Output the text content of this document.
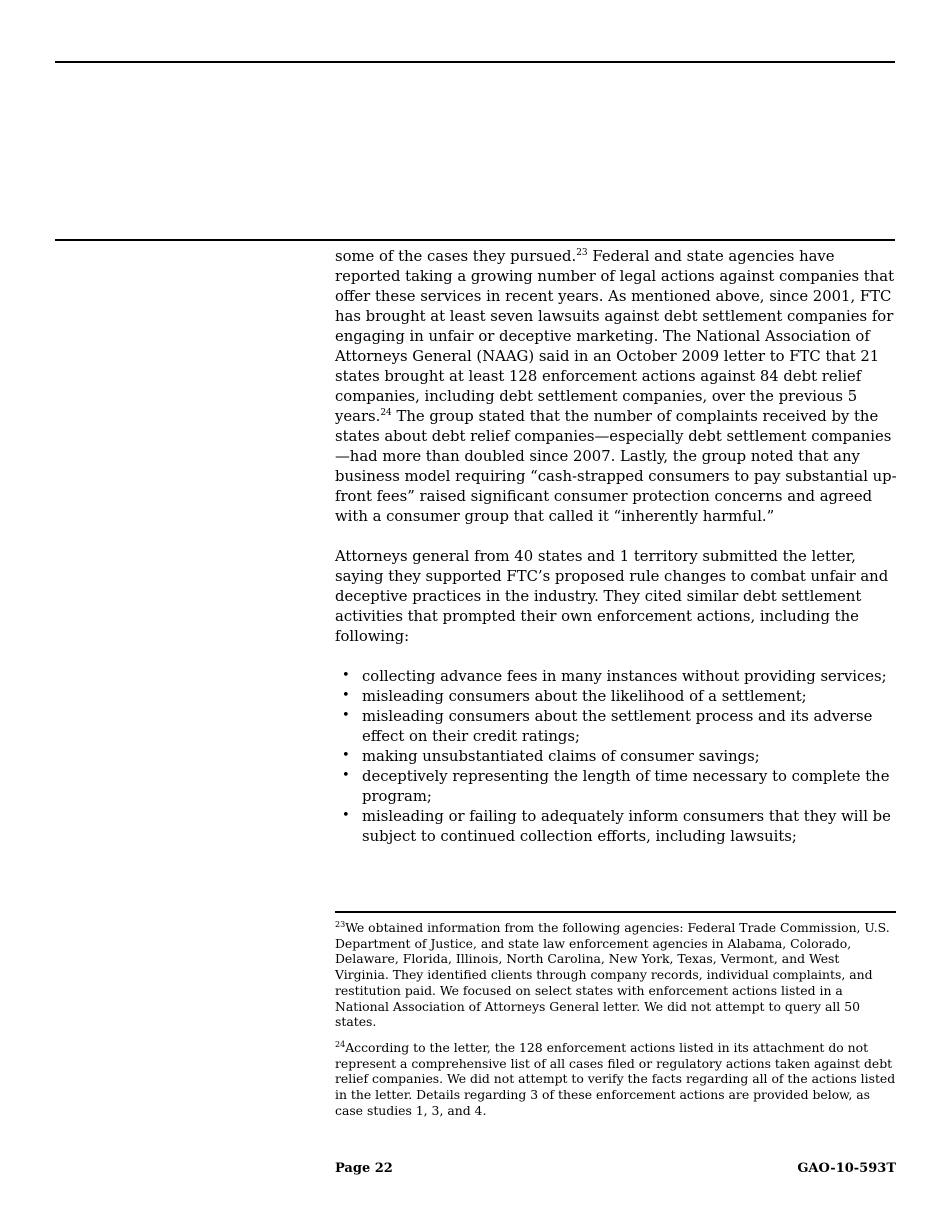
some of the cases they pursued.$^{23}$ Federal and state agencies have reported taking a growing number of legal actions against companies that offer these services in recent years. As mentioned above, since 2001, FTC has brought at least seven lawsuits against debt settlement companies for engaging in unfair or deceptive marketing. The National Association of Attorneys General (NAAG) said in an October 2009 letter to FTC that 21 states brought at least 128 enforcement actions against 84 debt relief companies, including debt settlement companies, over the previous 5 years.$^{24}$ The group stated that the number of complaints received by the states about debt relief companies—especially debt settlement companies—had more than doubled since 2007. Lastly, the group noted that any business model requiring “cash-strapped consumers to pay substantial up-front fees” raised significant consumer protection concerns and agreed with a consumer group that called it “inherently harmful.”

Attorneys general from 40 states and 1 territory submitted the letter, saying they supported FTC’s proposed rule changes to combat unfair and deceptive practices in the industry. They cited similar debt settlement activities that prompted their own enforcement actions, including the following:

• collecting advance fees in many instances without providing services;
• misleading consumers about the likelihood of a settlement;
• misleading consumers about the settlement process and its adverse effect on their credit ratings;
• making unsubstantiated claims of consumer savings;
• deceptively representing the length of time necessary to complete the program;
• misleading or failing to adequately inform consumers that they will be subject to continued collection efforts, including lawsuits;

$^{23}$We obtained information from the following agencies: Federal Trade Commission, U.S. Department of Justice, and state law enforcement agencies in Alabama, Colorado, Delaware, Florida, Illinois, North Carolina, New York, Texas, Vermont, and West Virginia. They identified clients through company records, individual complaints, and restitution paid. We focused on select states with enforcement actions listed in a National Association of Attorneys General letter. We did not attempt to query all 50 states.

$^{24}$According to the letter, the 128 enforcement actions listed in its attachment do not represent a comprehensive list of all cases filed or regulatory actions taken against debt relief companies. We did not attempt to verify the facts regarding all of the actions listed in the letter. Details regarding 3 of these enforcement actions are provided below, as case studies 1, 3, and 4.

Page 22	GAO-10-593T
